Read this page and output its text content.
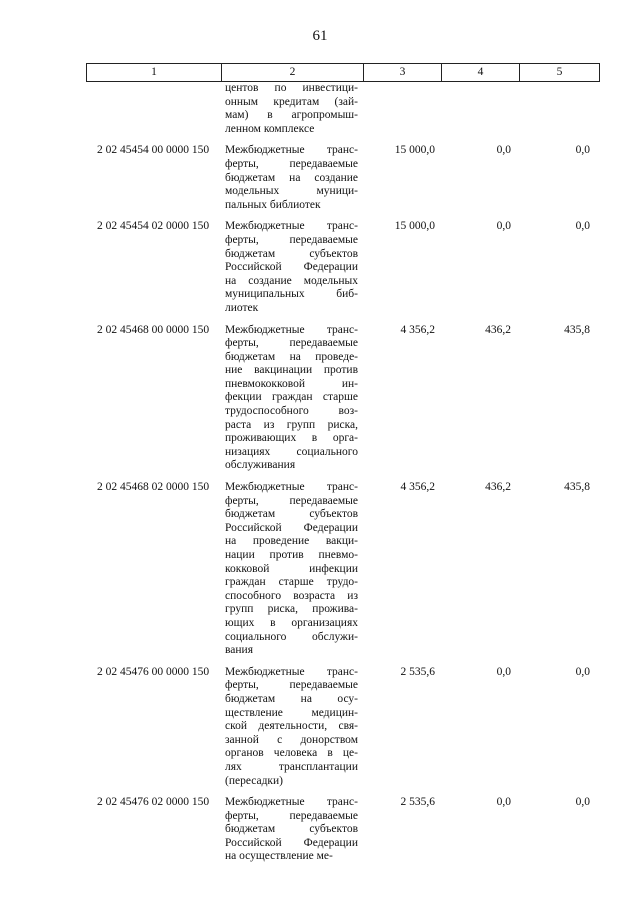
61
1	2	3	4	5
центов по инвестици-
онным кредитам (зай-
мам) в агропромыш-
ленном комплексе
2 02 45454 00 0000 150	Межбюджетные транс-
ферты, передаваемые
бюджетам на создание
модельных муници-
пальных библиотек
15 000,0	0,0	0,0
2 02 45454 02 0000 150	Межбюджетные транс-
ферты, передаваемые
бюджетам субъектов
Российской Федерации
на создание модельных
муниципальных биб-
лиотек
15 000,0	0,0	0,0
2 02 45468 00 0000 150	Межбюджетные транс-
ферты, передаваемые
бюджетам на проведе-
ние вакцинации против
пневмококковой ин-
фекции граждан старше
трудоспособного воз-
раста из групп риска,
проживающих в орга-
низациях социального
обслуживания
4 356,2	436,2	435,8
2 02 45468 02 0000 150	Межбюджетные транс-
ферты, передаваемые
бюджетам субъектов
Российской Федерации
на проведение вакци-
нации против пневмо-
кокковой инфекции
граждан старше трудо-
способного возраста из
групп риска, прожива-
ющих в организациях
социального обслужи-
вания
4 356,2	436,2	435,8
2 02 45476 00 0000 150	Межбюджетные транс-
ферты, передаваемые
бюджетам на осу-
ществление медицин-
ской деятельности, свя-
занной с донорством
органов человека в це-
лях трансплантации
(пересадки)
2 535,6	0,0	0,0
2 02 45476 02 0000 150	Межбюджетные транс-
ферты, передаваемые
бюджетам субъектов
Российской Федерации
на осуществление ме-
2 535,6	0,0	0,0
